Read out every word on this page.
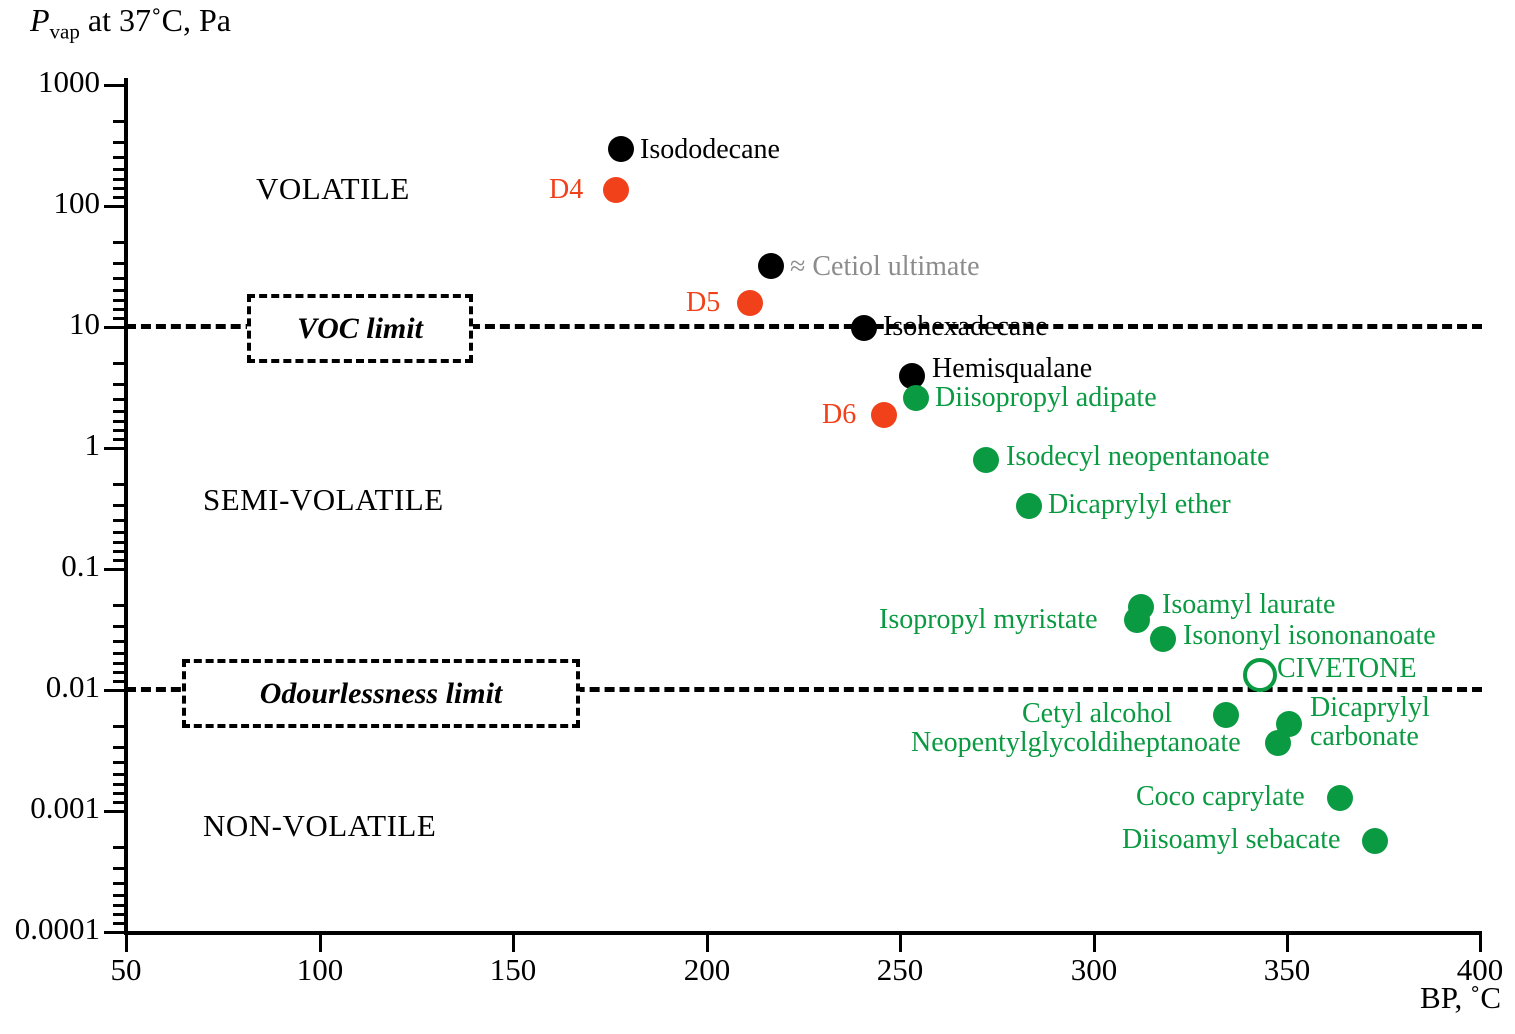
$P_{vap}$ at 37˚C, Pa
BP, ˚C
1000
100
10
1
0.1
0.01
0.001
0.0001
50	100	150	200	250	300	350	400
VOC limit
Odourlessness limit
VOLATILE
SEMI-VOLATILE
NON-VOLATILE
Isododecane
D4
≈ Cetiol ultimate
D5
Isohexadecane
Hemisqualane
Diisopropyl adipate
D6
Isodecyl neopentanoate
Dicaprylyl ether
Isoamyl laurate
Isopropyl myristate
Isononyl isononanoate
CIVETONE
Cetyl alcohol	Dicaprylyl
carbonate
Neopentylglycoldiheptanoate
Coco caprylate
Diisoamyl sebacate
